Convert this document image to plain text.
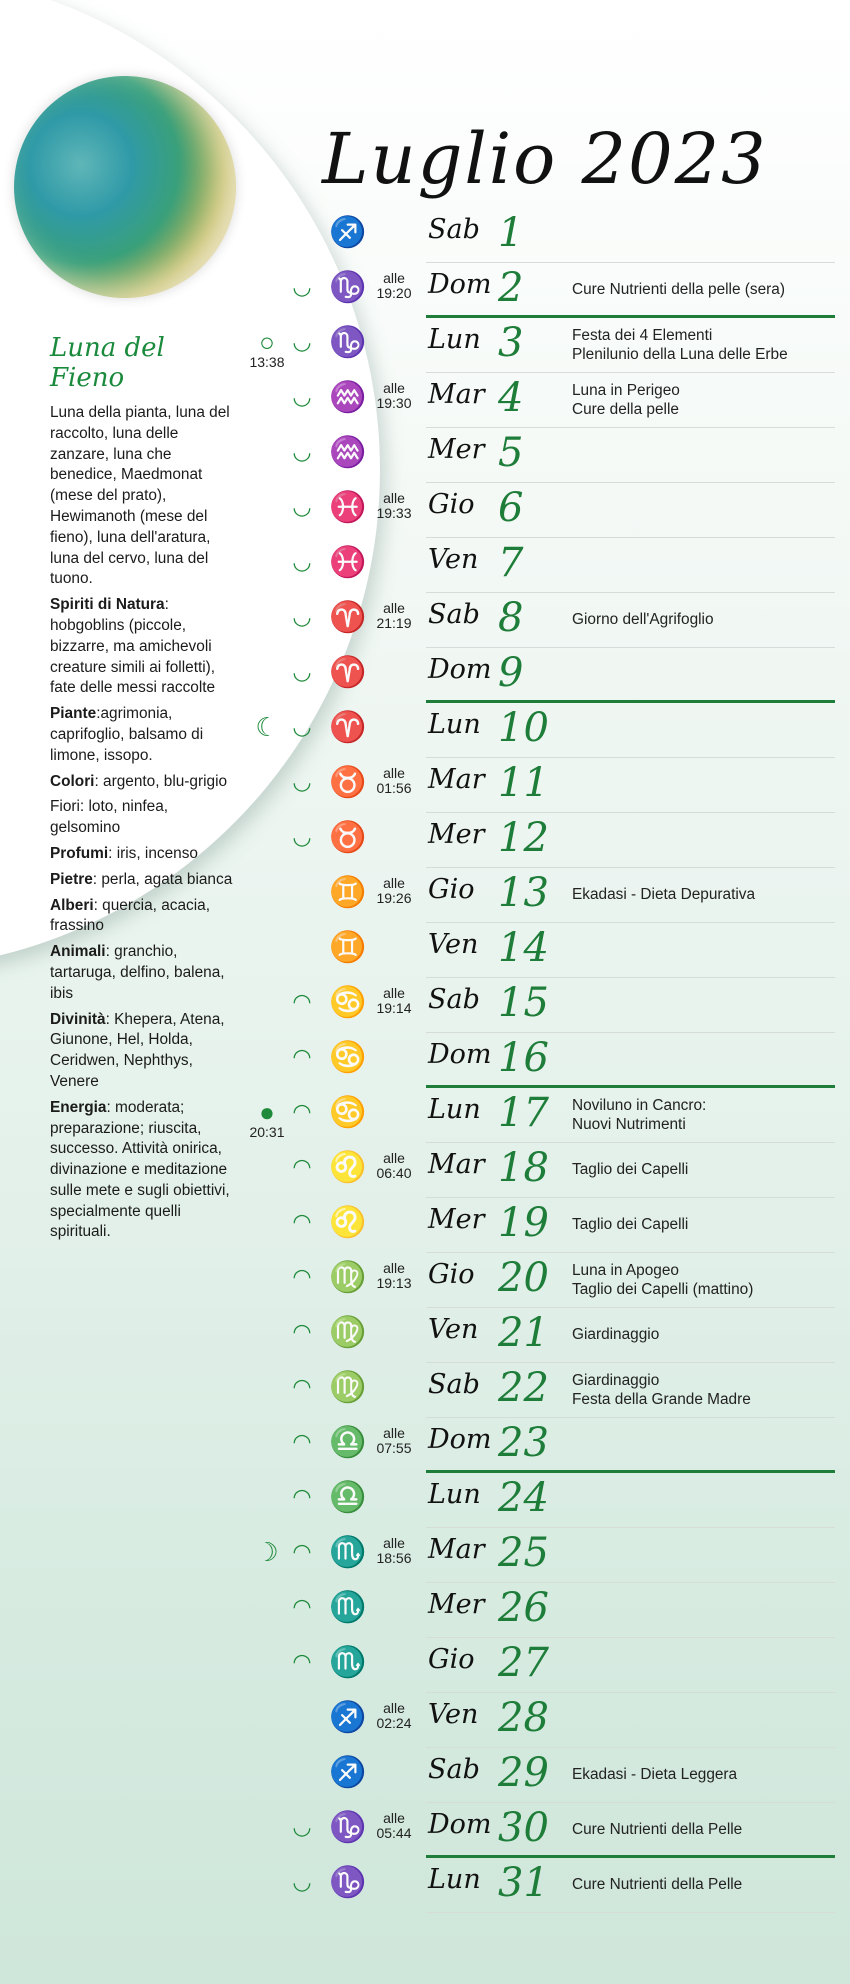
Luglio 2023
Luna del Fieno

Luna della pianta, luna del raccolto, luna delle zanzare, luna che benedice, Maedmonat (mese del prato), Hewimanoth (mese del fieno), luna dell'aratura, luna del cervo, luna del tuono.

Spiriti di Natura: hobgoblins (piccole, bizzarre, ma amichevoli creature simili ai folletti), fate delle messi raccolte

Piante:agrimonia, caprifoglio, balsamo di limone, issopo.

Colori: argento, blu-grigio

Fiori: loto, ninfea, gelsomino

Profumi: iris, incenso

Pietre: perla, agata bianca

Alberi: quercia, acacia, frassino

Animali: granchio, tartaruga, delfino, balena, ibis

Divinità: Khepera, Atena, Giunone, Hel, Holda, Ceridwen, Nephthys, Venere

Energia: moderata; preparazione; riuscita, successo. Attività onirica, divinazione e meditazione sulle mete e sugli obiettivi, specialmente quelli spirituali.

♐ Sab 1
◡ ♑	alle 19:20 Dom 2	Cure Nutrienti della pelle (sera)
○
13:38
◡ ♑ Lun 3	Festa dei 4 Elementi
Plenilunio della Luna delle Erbe
◡ ♒	alle 19:30 Mar 4	Luna in Perigeo
Cure della pelle
◡ ♒ Mer 5
◡ ♓	alle 19:33 Gio 6
◡ ♓ Ven 7
◡ ♈	alle 21:19 Sab 8	Giorno dell'Agrifoglio
◡ ♈ Dom 9
☾ ◡ ♈ Lun 10
◡ ♉	alle 01:56 Mar 11
◡ ♉ Mer 12
♊	alle 19:26 Gio 13	Ekadasi - Dieta Depurativa
♊ Ven 14
◠ ♋	alle 19:14 Sab 15
◠ ♋ Dom 16
●
20:31
◠ ♋ Lun 17	Noviluno in Cancro:
Nuovi Nutrimenti
◠ ♌	alle 06:40 Mar 18	Taglio dei Capelli
◠ ♌ Mer 19	Taglio dei Capelli
◠ ♍	alle 19:13 Gio 20	Luna in Apogeo
Taglio dei Capelli (mattino)
◠ ♍ Ven 21	Giardinaggio
◠ ♍ Sab 22	Giardinaggio
Festa della Grande Madre
◠ ♎	alle 07:55 Dom 23
◠ ♎ Lun 24
☽ ◠ ♏	alle 18:56 Mar 25
◠ ♏ Mer 26
◠ ♏ Gio 27
♐	alle 02:24 Ven 28
♐ Sab 29	Ekadasi - Dieta Leggera
◡ ♑	alle 05:44 Dom 30	Cure Nutrienti della Pelle
◡ ♑ Lun 31	Cure Nutrienti della Pelle
